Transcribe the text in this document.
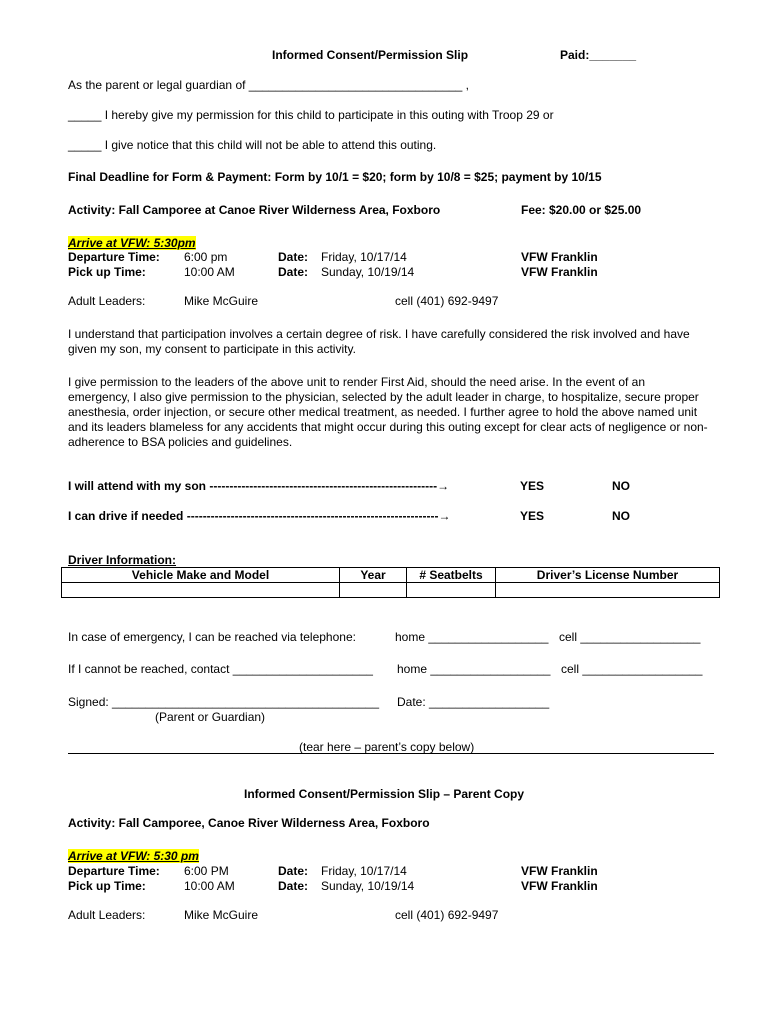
Informed Consent/Permission Slip	Paid:_______
As the parent or legal guardian of ________________________________ ,
_____ I hereby give my permission for this child to participate in this outing with Troop 29 or
_____ I give notice that this child will not be able to attend this outing.
Final Deadline for Form & Payment: Form by 10/1 = $20; form by 10/8 = $25; payment by 10/15
Activity: Fall Camporee at Canoe River Wilderness Area, Foxboro	Fee: $20.00 or $25.00
Arrive at VFW: 5:30pm
Departure Time: 6:00 pm	Date: Friday, 10/17/14	VFW Franklin
Pick up Time:	10:00 AM	Date: Sunday, 10/19/14	VFW Franklin
Adult Leaders:	Mike McGuire	cell (401) 692-9497
I understand that participation involves a certain degree of risk. I have carefully considered the risk involved and have given my son, my consent to participate in this activity.
I give permission to the leaders of the above unit to render First Aid, should the need arise. In the event of an emergency, I also give permission to the physician, selected by the adult leader in charge, to hospitalize, secure proper anesthesia, order injection, or secure other medical treatment, as needed. I further agree to hold the above named unit and its leaders blameless for any accidents that might occur during this outing except for clear acts of negligence or non-adherence to BSA policies and guidelines.
I will attend with my son ---------------------------------------------------------→	YES	NO
I can drive if needed ---------------------------------------------------------------→	YES	NO
Driver Information:
Vehicle Make and Model	Year	# Seatbelts	Driver’s License Number

In case of emergency, I can be reached via telephone:	home __________________ cell __________________
If I cannot be reached, contact _____________________ home __________________ cell __________________
Signed: ________________________________________ Date: __________________
(Parent or Guardian)
(tear here – parent’s copy below)
Informed Consent/Permission Slip – Parent Copy
Activity: Fall Camporee, Canoe River Wilderness Area, Foxboro
Arrive at VFW: 5:30 pm
Departure Time: 6:00 PM	Date: Friday, 10/17/14	VFW Franklin
Pick up Time:	10:00 AM	Date: Sunday, 10/19/14	VFW Franklin
Adult Leaders:	Mike McGuire	cell (401) 692-9497
